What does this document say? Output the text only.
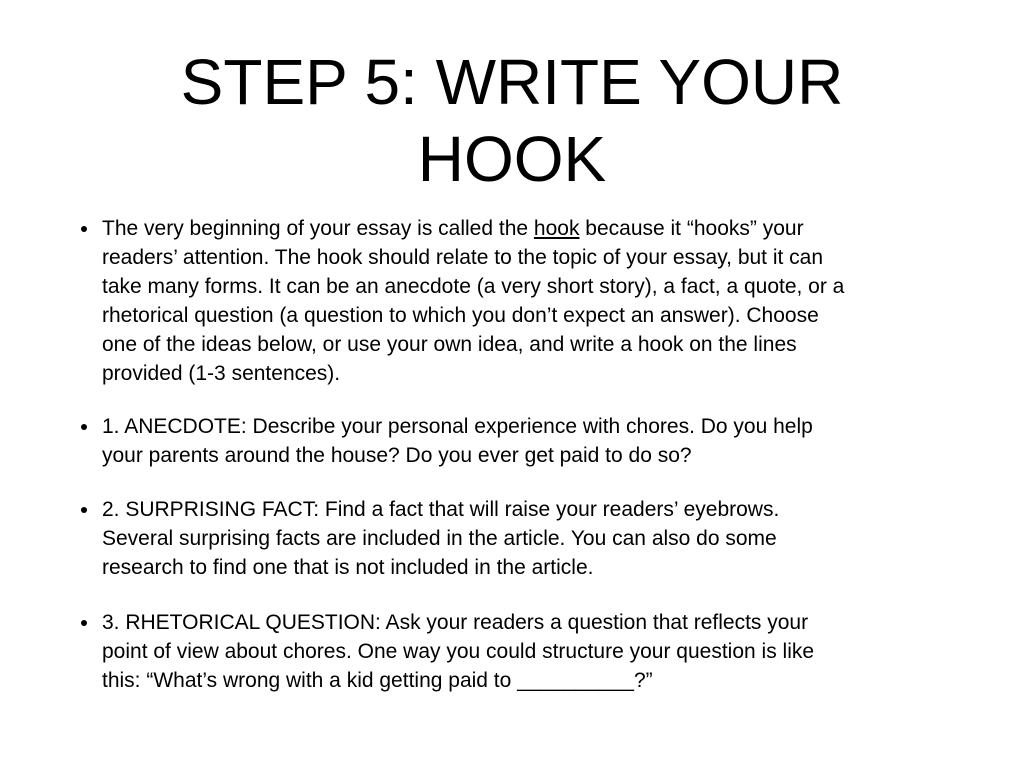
STEP 5: WRITE YOUR
HOOK
The very beginning of your essay is called the hook because it “hooks” your
readers’ attention. The hook should relate to the topic of your essay, but it can
take many forms. It can be an anecdote (a very short story), a fact, a quote, or a
rhetorical question (a question to which you don’t expect an answer). Choose
one of the ideas below, or use your own idea, and write a hook on the lines
provided (1-3 sentences).
1. ANECDOTE: Describe your personal experience with chores. Do you help
your parents around the house? Do you ever get paid to do so?
2. SURPRISING FACT: Find a fact that will raise your readers’ eyebrows.
Several surprising facts are included in the article. You can also do some
research to find one that is not included in the article.
3. RHETORICAL QUESTION: Ask your readers a question that reflects your
point of view about chores. One way you could structure your question is like
this: “What’s wrong with a kid getting paid to __________?”
